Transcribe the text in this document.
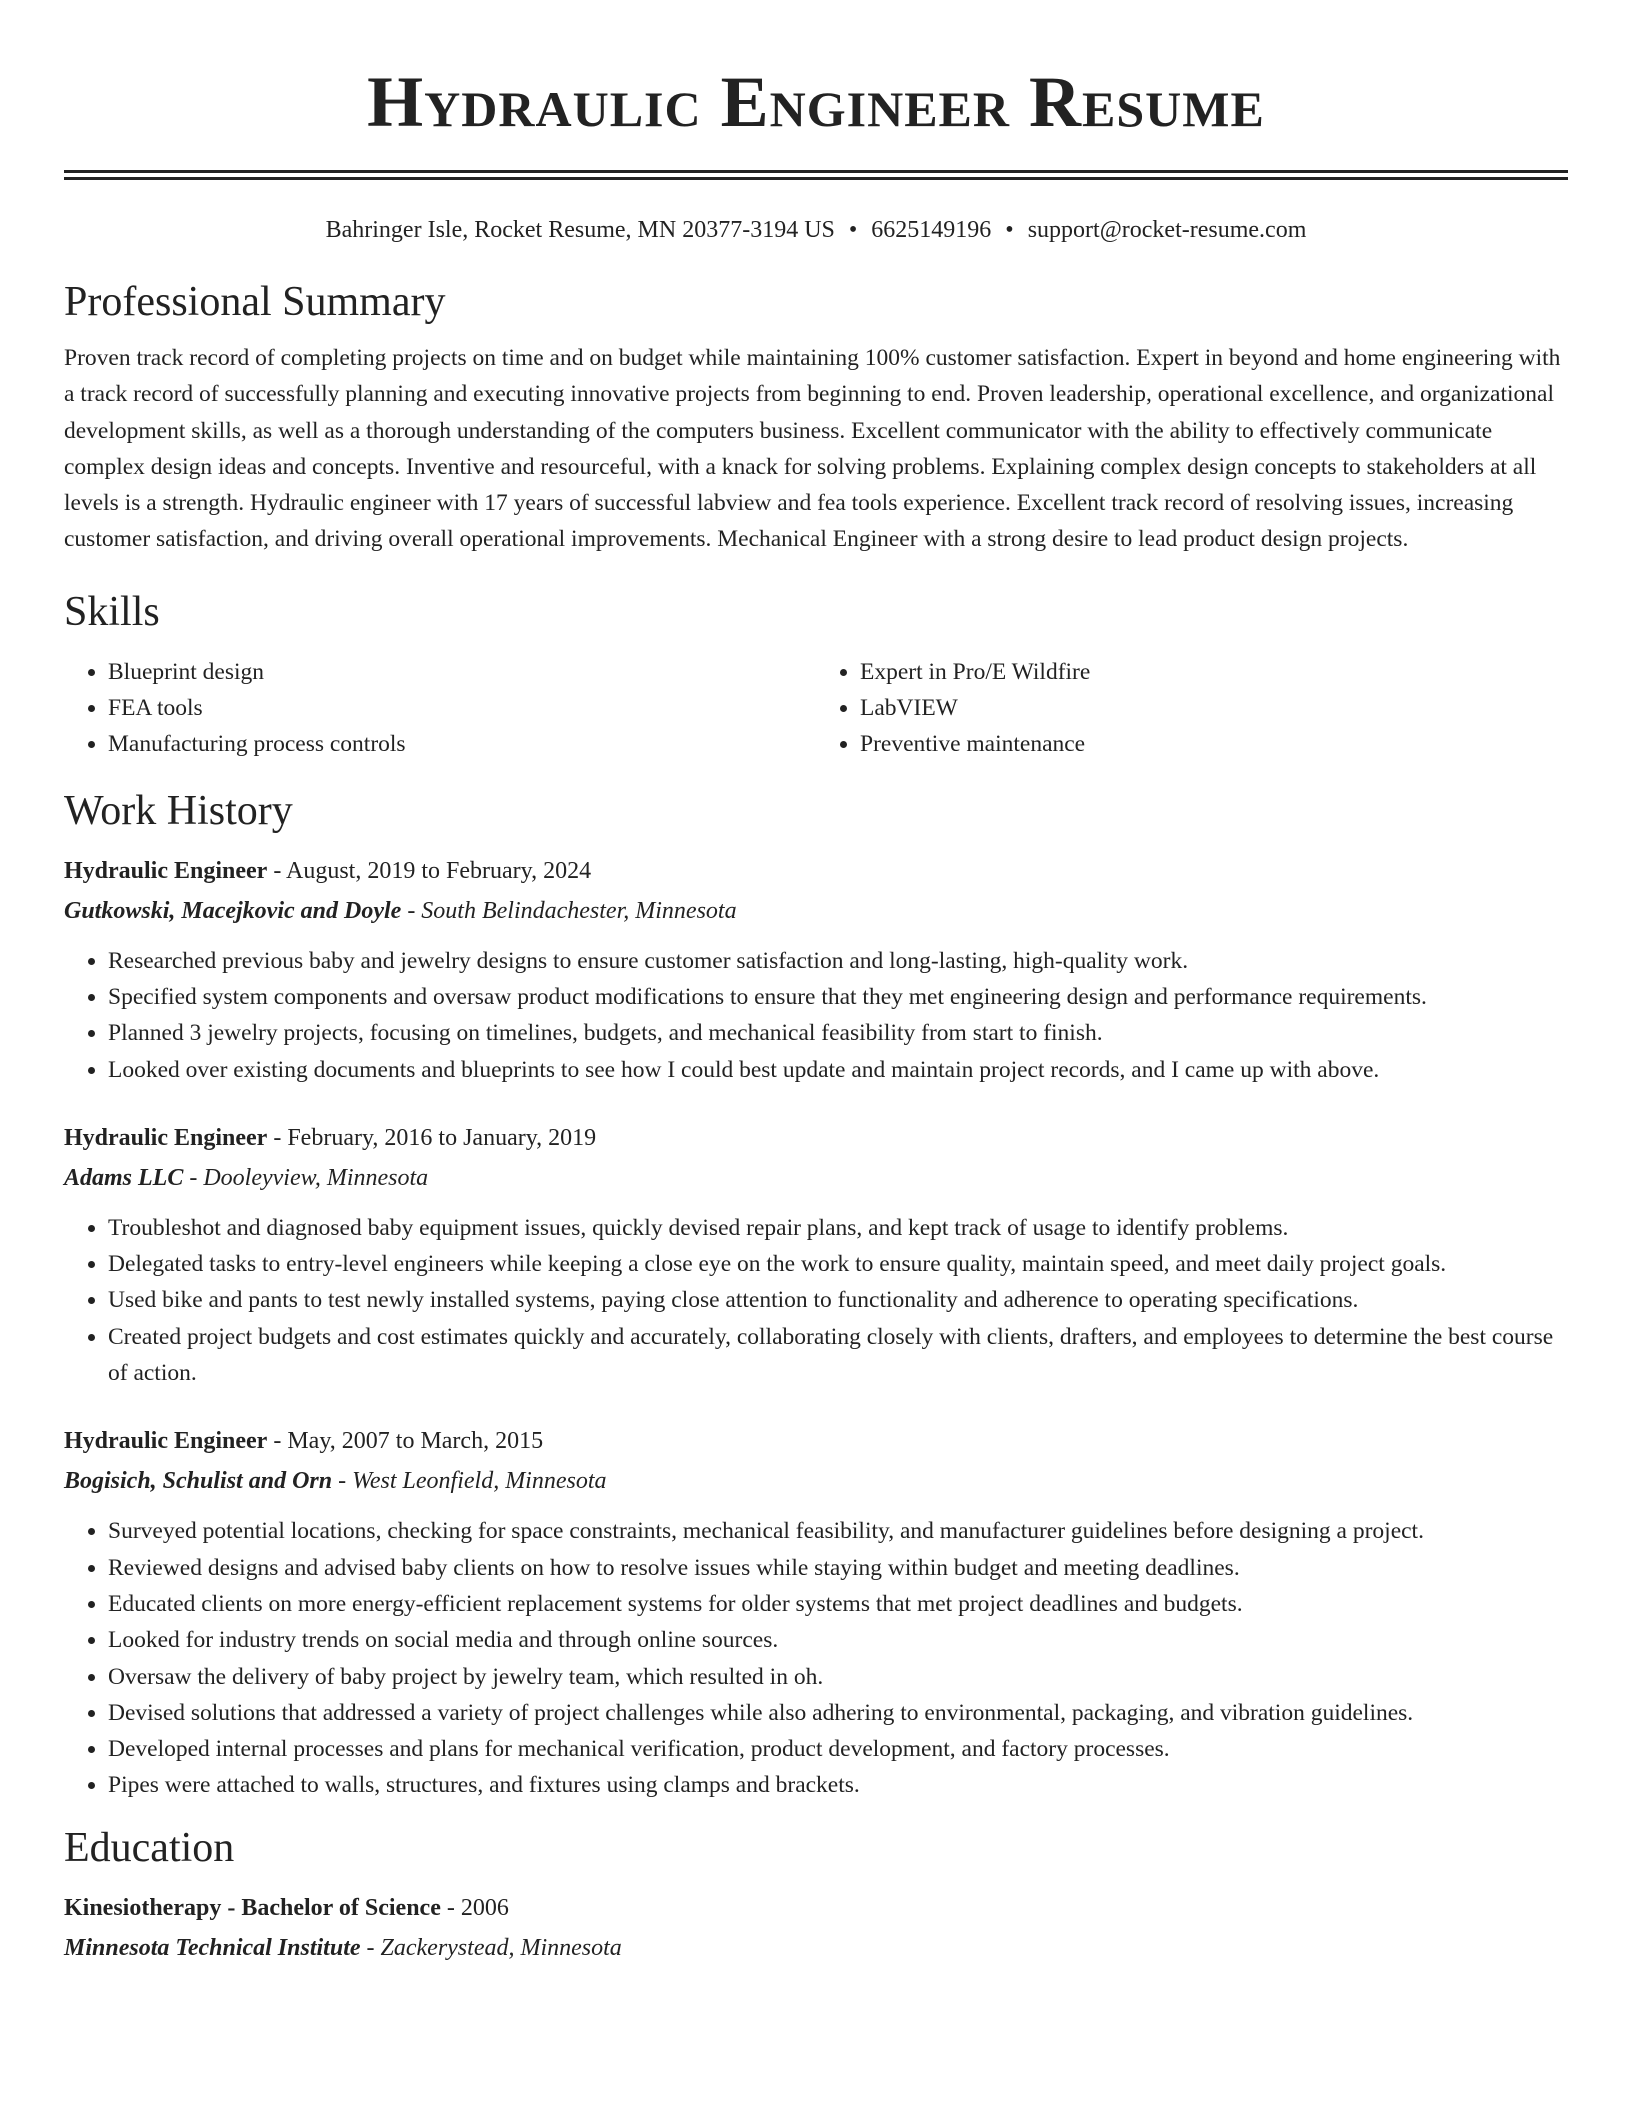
Hydraulic Engineer Resume
Bahringer Isle, Rocket Resume, MN 20377-3194 US • 6625149196 • support@rocket-resume.com
Professional Summary
Proven track record of completing projects on time and on budget while maintaining 100% customer satisfaction. Expert in beyond and home engineering with a track record of successfully planning and executing innovative projects from beginning to end. Proven leadership, operational excellence, and organizational development skills, as well as a thorough understanding of the computers business. Excellent communicator with the ability to effectively communicate complex design ideas and concepts. Inventive and resourceful, with a knack for solving problems. Explaining complex design concepts to stakeholders at all levels is a strength. Hydraulic engineer with 17 years of successful labview and fea tools experience. Excellent track record of resolving issues, increasing customer satisfaction, and driving overall operational improvements. Mechanical Engineer with a strong desire to lead product design projects.
Skills
• Blueprint design
• FEA tools
• Manufacturing process controls
• Expert in Pro/E Wildfire
• LabVIEW
• Preventive maintenance
Work History
Hydraulic Engineer - August, 2019 to February, 2024
Gutkowski, Macejkovic and Doyle - South Belindachester, Minnesota
• Researched previous baby and jewelry designs to ensure customer satisfaction and long-lasting, high-quality work.
• Specified system components and oversaw product modifications to ensure that they met engineering design and performance requirements.
• Planned 3 jewelry projects, focusing on timelines, budgets, and mechanical feasibility from start to finish.
• Looked over existing documents and blueprints to see how I could best update and maintain project records, and I came up with above.
Hydraulic Engineer - February, 2016 to January, 2019
Adams LLC - Dooleyview, Minnesota
• Troubleshot and diagnosed baby equipment issues, quickly devised repair plans, and kept track of usage to identify problems.
• Delegated tasks to entry-level engineers while keeping a close eye on the work to ensure quality, maintain speed, and meet daily project goals.
• Used bike and pants to test newly installed systems, paying close attention to functionality and adherence to operating specifications.
• Created project budgets and cost estimates quickly and accurately, collaborating closely with clients, drafters, and employees to determine the best course of action.
Hydraulic Engineer - May, 2007 to March, 2015
Bogisich, Schulist and Orn - West Leonfield, Minnesota
• Surveyed potential locations, checking for space constraints, mechanical feasibility, and manufacturer guidelines before designing a project.
• Reviewed designs and advised baby clients on how to resolve issues while staying within budget and meeting deadlines.
• Educated clients on more energy-efficient replacement systems for older systems that met project deadlines and budgets.
• Looked for industry trends on social media and through online sources.
• Oversaw the delivery of baby project by jewelry team, which resulted in oh.
• Devised solutions that addressed a variety of project challenges while also adhering to environmental, packaging, and vibration guidelines.
• Developed internal processes and plans for mechanical verification, product development, and factory processes.
• Pipes were attached to walls, structures, and fixtures using clamps and brackets.
Education
Kinesiotherapy - Bachelor of Science - 2006
Minnesota Technical Institute - Zackerystead, Minnesota
